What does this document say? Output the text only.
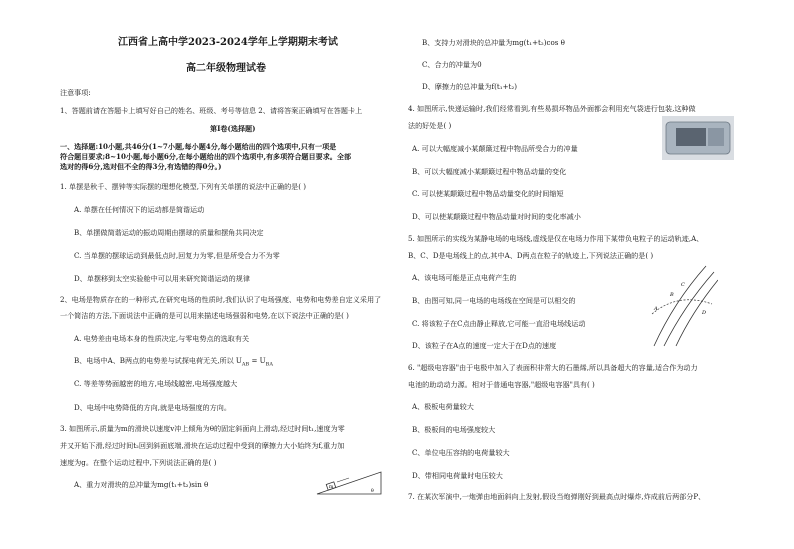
江西省上高中学2023-2024学年上学期期末考试
高二年级物理试卷
注意事项:
1、答题前请在答题卡上填写好自己的姓名、班级、考号等信息 2、请将答案正确填写在答题卡上
第Ⅰ卷(选择题)
一、选择题:10小题,共46分(1~7小题,每小题4分,每小题给出的四个选项中,只有一项是
符合题目要求;8~10小题,每小题6分,在每小题给出的四个选项中,有多项符合题目要求。全部
选对的得6分,选对但不全的得3分,有选错的得0分。)
1. 单摆是秋千、摆钟等实际摆的理想化模型,下列有关单摆的说法中正确的是( )
A. 单摆在任何情况下的运动都是简谐运动
B、单摆做简谐运动的振动周期由摆球的质量和摆角共同决定
C. 当单摆的摆球运动到最低点时,回复力为零,但是所受合力不为零
D、单摆移到太空实验舱中可以用来研究简谐运动的规律
2、电场是物质存在的一种形式,在研究电场的性质时,我们认识了电场强度、电势和电势差自定义采用了
一个简洁的方法,下面说法中正确的是可以用来描述电场强弱和电势,在以下说法中正确的是( )
A. 电势差由电场本身的性质决定,与零电势点的选取有关
B、电场中A、B两点的电势差与试探电荷无关,所以 $U_{AB} = U_{BA}$
C. 等差等势面越密的地方,电场线越密,电场强度越大
D、电场中电势降低的方向,就是电场强度的方向。
3. 如图所示,质量为m的滑块以速度v冲上倾角为θ的固定斜面向上滑动,经过时间t₁,速度为零
并又开始下滑,经过时间t₂回到斜面底端,滑块在运动过程中受到的摩擦力大小始终为f,重力加
速度为g。在整个运动过程中,下列说法正确的是( )
A、重力对滑块的总冲量为mg(t₁+t₂)sin θ	m
θ
B、支持力对滑块的总冲量为mg(t₁+t₂)cos θ
C、合力的冲量为0
D、摩擦力的总冲量为f(t₁+t₂)
4. 如图所示,快递运输时,我们经常看到,有些易损坏物品外面都会利用充气袋进行包装,这种做
法的好处是( )
A. 可以大幅度减小某颠簸过程中物品所受合力的冲量
B、可以大幅度减小某颠簸过程中物品动量的变化
C. 可以使某颠簸过程中物品动量变化的时间缩短
D、可以使某颠簸过程中物品动量对时间的变化率减小
5. 如图所示的实线为某静电场的电场线,虚线是仅在电场力作用下某带负电粒子的运动轨迹,A、
B、C、D是电场线上的点,其中A、D两点在粒子的轨迹上,下列说法正确的是( )
A、该电场可能是正点电荷产生的
B、由图可知,同一电场的电场线在空间是可以相交的
C. 将该粒子在C点由静止释放,它可能一直沿电场线运动
D、该粒子在A点的速度一定大于在D点的速度
C
B
A
D
6. "超级电容器"由于电极中加入了表面积非常大的石墨烯,所以具备超大的容量,适合作为动力
电池的助动动力源。相对于普通电容器,"超级电容器"具有( )
A、极板电荷量较大
B、极板间的电场强度较大
C、单位电压容纳的电荷量较大
D、带相同电荷量时电压较大
7. 在某次军演中,一炮弹由地面斜向上发射,假设当炮弹刚好到最高点时爆炸,炸成前后两部分P、
